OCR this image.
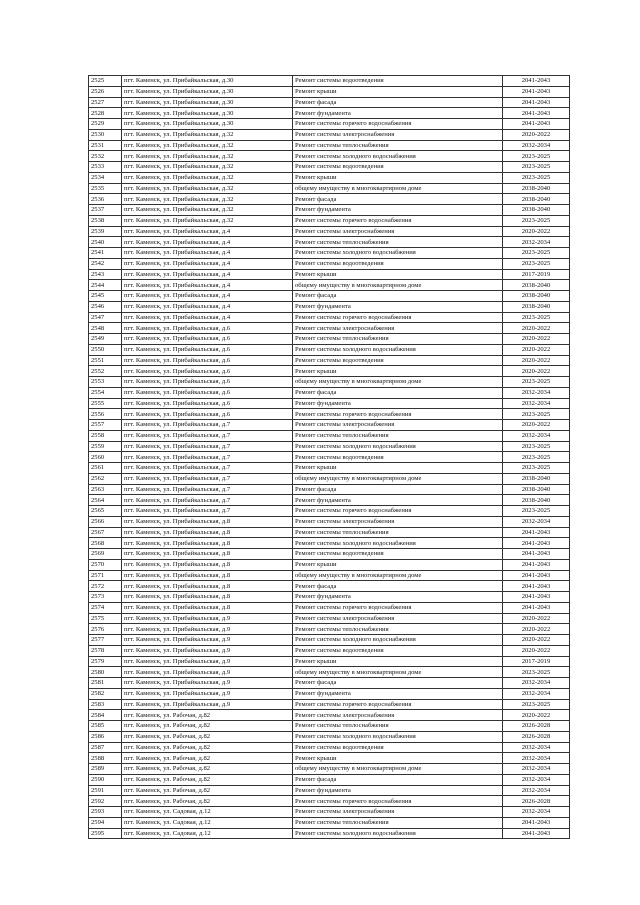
2525	пгт. Каменск, ул. Прибайкальская, д.30	Ремонт системы водоотведения	2041-2043
2526	пгт. Каменск, ул. Прибайкальская, д.30	Ремонт крыши	2041-2043
2527	пгт. Каменск, ул. Прибайкальская, д.30	Ремонт фасада	2041-2043
2528	пгт. Каменск, ул. Прибайкальская, д.30	Ремонт фундамента	2041-2043
2529	пгт. Каменск, ул. Прибайкальская, д.30	Ремонт системы горячего водоснабжения	2041-2043
2530	пгт. Каменск, ул. Прибайкальская, д.32	Ремонт системы электроснабжения	2020-2022
2531	пгт. Каменск, ул. Прибайкальская, д.32	Ремонт системы теплоснабжения	2032-2034
2532	пгт. Каменск, ул. Прибайкальская, д.32	Ремонт системы холодного водоснабжения	2023-2025
2533	пгт. Каменск, ул. Прибайкальская, д.32	Ремонт системы водоотведения	2023-2025
2534	пгт. Каменск, ул. Прибайкальская, д.32	Ремонт крыши	2023-2025
2535	пгт. Каменск, ул. Прибайкальская, д.32	общему имуществу в многоквартирном доме	2038-2040
2536	пгт. Каменск, ул. Прибайкальская, д.32	Ремонт фасада	2038-2040
2537	пгт. Каменск, ул. Прибайкальская, д.32	Ремонт фундамента	2038-2040
2538	пгт. Каменск, ул. Прибайкальская, д.32	Ремонт системы горячего водоснабжения	2023-2025
2539	пгт. Каменск, ул. Прибайкальская, д.4	Ремонт системы электроснабжения	2020-2022
2540	пгт. Каменск, ул. Прибайкальская, д.4	Ремонт системы теплоснабжения	2032-2034
2541	пгт. Каменск, ул. Прибайкальская, д.4	Ремонт системы холодного водоснабжения	2023-2025
2542	пгт. Каменск, ул. Прибайкальская, д.4	Ремонт системы водоотведения	2023-2025
2543	пгт. Каменск, ул. Прибайкальская, д.4	Ремонт крыши	2017-2019
2544	пгт. Каменск, ул. Прибайкальская, д.4	общему имуществу в многоквартирном доме	2038-2040
2545	пгт. Каменск, ул. Прибайкальская, д.4	Ремонт фасада	2038-2040
2546	пгт. Каменск, ул. Прибайкальская, д.4	Ремонт фундамента	2038-2040
2547	пгт. Каменск, ул. Прибайкальская, д.4	Ремонт системы горячего водоснабжения	2023-2025
2548	пгт. Каменск, ул. Прибайкальская, д.6	Ремонт системы электроснабжения	2020-2022
2549	пгт. Каменск, ул. Прибайкальская, д.6	Ремонт системы теплоснабжения	2020-2022
2550	пгт. Каменск, ул. Прибайкальская, д.6	Ремонт системы холодного водоснабжения	2020-2022
2551	пгт. Каменск, ул. Прибайкальская, д.6	Ремонт системы водоотведения	2020-2022
2552	пгт. Каменск, ул. Прибайкальская, д.6	Ремонт крыши	2020-2022
2553	пгт. Каменск, ул. Прибайкальская, д.6	общему имуществу в многоквартирном доме	2023-2025
2554	пгт. Каменск, ул. Прибайкальская, д.6	Ремонт фасада	2032-2034
2555	пгт. Каменск, ул. Прибайкальская, д.6	Ремонт фундамента	2032-2034
2556	пгт. Каменск, ул. Прибайкальская, д.6	Ремонт системы горячего водоснабжения	2023-2025
2557	пгт. Каменск, ул. Прибайкальская, д.7	Ремонт системы электроснабжения	2020-2022
2558	пгт. Каменск, ул. Прибайкальская, д.7	Ремонт системы теплоснабжения	2032-2034
2559	пгт. Каменск, ул. Прибайкальская, д.7	Ремонт системы холодного водоснабжения	2023-2025
2560	пгт. Каменск, ул. Прибайкальская, д.7	Ремонт системы водоотведения	2023-2025
2561	пгт. Каменск, ул. Прибайкальская, д.7	Ремонт крыши	2023-2025
2562	пгт. Каменск, ул. Прибайкальская, д.7	общему имуществу в многоквартирном доме	2038-2040
2563	пгт. Каменск, ул. Прибайкальская, д.7	Ремонт фасада	2038-2040
2564	пгт. Каменск, ул. Прибайкальская, д.7	Ремонт фундамента	2038-2040
2565	пгт. Каменск, ул. Прибайкальская, д.7	Ремонт системы горячего водоснабжения	2023-2025
2566	пгт. Каменск, ул. Прибайкальская, д.8	Ремонт системы электроснабжения	2032-2034
2567	пгт. Каменск, ул. Прибайкальская, д.8	Ремонт системы теплоснабжения	2041-2043
2568	пгт. Каменск, ул. Прибайкальская, д.8	Ремонт системы холодного водоснабжения	2041-2043
2569	пгт. Каменск, ул. Прибайкальская, д.8	Ремонт системы водоотведения	2041-2043
2570	пгт. Каменск, ул. Прибайкальская, д.8	Ремонт крыши	2041-2043
2571	пгт. Каменск, ул. Прибайкальская, д.8	общему имуществу в многоквартирном доме	2041-2043
2572	пгт. Каменск, ул. Прибайкальская, д.8	Ремонт фасада	2041-2043
2573	пгт. Каменск, ул. Прибайкальская, д.8	Ремонт фундамента	2041-2043
2574	пгт. Каменск, ул. Прибайкальская, д.8	Ремонт системы горячего водоснабжения	2041-2043
2575	пгт. Каменск, ул. Прибайкальская, д.9	Ремонт системы электроснабжения	2020-2022
2576	пгт. Каменск, ул. Прибайкальская, д.9	Ремонт системы теплоснабжения	2020-2022
2577	пгт. Каменск, ул. Прибайкальская, д.9	Ремонт системы холодного водоснабжения	2020-2022
2578	пгт. Каменск, ул. Прибайкальская, д.9	Ремонт системы водоотведения	2020-2022
2579	пгт. Каменск, ул. Прибайкальская, д.9	Ремонт крыши	2017-2019
2580	пгт. Каменск, ул. Прибайкальская, д.9	общему имуществу в многоквартирном доме	2023-2025
2581	пгт. Каменск, ул. Прибайкальская, д.9	Ремонт фасада	2032-2034
2582	пгт. Каменск, ул. Прибайкальская, д.9	Ремонт фундамента	2032-2034
2583	пгт. Каменск, ул. Прибайкальская, д.9	Ремонт системы горячего водоснабжения	2023-2025
2584	пгт. Каменск, ул. Рабочая, д.82	Ремонт системы электроснабжения	2020-2022
2585	пгт. Каменск, ул. Рабочая, д.82	Ремонт системы теплоснабжения	2026-2028
2586	пгт. Каменск, ул. Рабочая, д.82	Ремонт системы холодного водоснабжения	2026-2028
2587	пгт. Каменск, ул. Рабочая, д.82	Ремонт системы водоотведения	2032-2034
2588	пгт. Каменск, ул. Рабочая, д.82	Ремонт крыши	2032-2034
2589	пгт. Каменск, ул. Рабочая, д.82	общему имуществу в многоквартирном доме	2032-2034
2590	пгт. Каменск, ул. Рабочая, д.82	Ремонт фасада	2032-2034
2591	пгт. Каменск, ул. Рабочая, д.82	Ремонт фундамента	2032-2034
2592	пгт. Каменск, ул. Рабочая, д.82	Ремонт системы горячего водоснабжения	2026-2028
2593	пгт. Каменск, ул. Садовая, д.12	Ремонт системы электроснабжения	2032-2034
2594	пгт. Каменск, ул. Садовая, д.12	Ремонт системы теплоснабжения	2041-2043
2595	пгт. Каменск, ул. Садовая, д.12	Ремонт системы холодного водоснабжения	2041-2043
